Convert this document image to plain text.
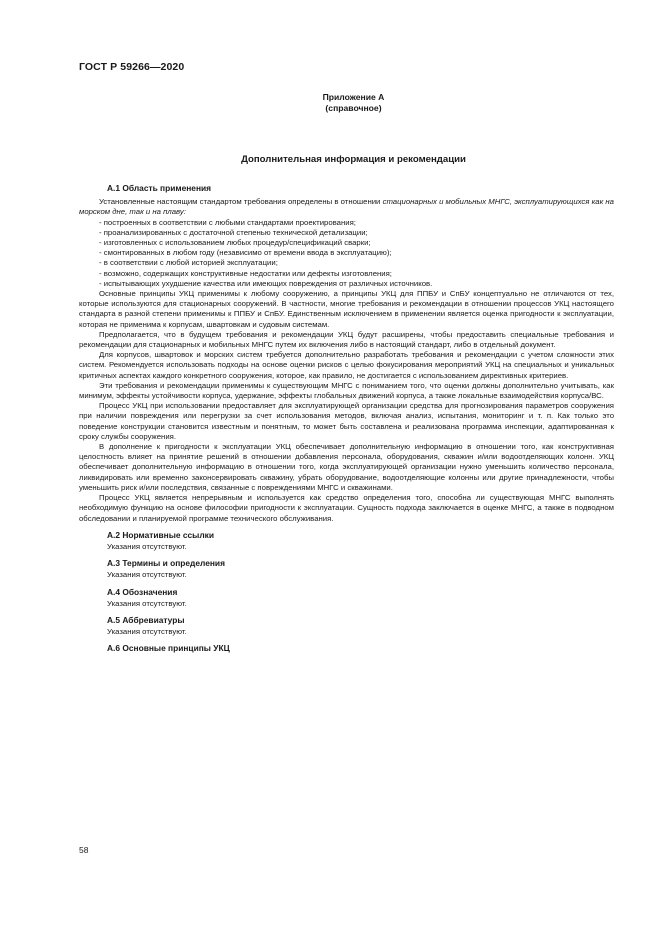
ГОСТ Р 59266—2020
Приложение А
(справочное)
Дополнительная информация и рекомендации
А.1 Область применения
Установленные настоящим стандартом требования определены в отношении стационарных и мобильных МНГС, эксплуатирующихся как на морском дне, так и на плаву:
- построенных в соответствии с любыми стандартами проектирования;
- проанализированных с достаточной степенью технической детализации;
- изготовленных с использованием любых процедур/спецификаций сварки;
- смонтированных в любом году (независимо от времени ввода в эксплуатацию);
- в соответствии с любой историей эксплуатации;
- возможно, содержащих конструктивные недостатки или дефекты изготовления;
- испытывающих ухудшение качества или имеющих повреждения от различных источников.
Основные принципы УКЦ применимы к любому сооружению, а принципы УКЦ для ППБУ и СпБУ концептуально не отличаются от тех, которые используются для стационарных сооружений. В частности, многие требования и рекомендации в отношении процессов УКЦ настоящего стандарта в разной степени применимы к ППБУ и СпБУ. Единственным исключением в применении является оценка пригодности к эксплуатации, которая не применима к корпусам, швартовкам и судовым системам.
Предполагается, что в будущем требования и рекомендации УКЦ будут расширены, чтобы предоставить специальные требования и рекомендации для стационарных и мобильных МНГС путем их включения либо в настоящий стандарт, либо в отдельный документ.
Для корпусов, швартовок и морских систем требуется дополнительно разработать требования и рекомендации с учетом сложности этих систем. Рекомендуется использовать подходы на основе оценки рисков с целью фокусирования мероприятий УКЦ на специальных и уникальных критичных аспектах каждого конкретного сооружения, которое, как правило, не достигается с использованием директивных критериев.
Эти требования и рекомендации применимы к существующим МНГС с пониманием того, что оценки должны дополнительно учитывать, как минимум, эффекты устойчивости корпуса, удержание, эффекты глобальных движений корпуса, а также локальные взаимодействия корпуса/ВС.
Процесс УКЦ при использовании предоставляет для эксплуатирующей организации средства для прогнозирования параметров сооружения при наличии повреждения или перегрузки за счет использования методов, включая анализ, испытания, мониторинг и т. п. Как только это поведение конструкции становится известным и понятным, то может быть составлена и реализована программа инспекции, адаптированная к сроку службы сооружения.
В дополнение к пригодности к эксплуатации УКЦ обеспечивает дополнительную информацию в отношении того, как конструктивная целостность влияет на принятие решений в отношении добавления персонала, оборудования, скважин и/или водоотделяющих колонн. УКЦ обеспечивает дополнительную информацию в отношении того, когда эксплуатирующей организации нужно уменьшить количество персонала, ликвидировать или временно законсервировать скважину, убрать оборудование, водоотделяющие колонны или другие принадлежности, чтобы уменьшить риск и/или последствия, связанные с повреждениями МНГС и скважинами.
Процесс УКЦ является непрерывным и используется как средство определения того, способна ли существующая МНГС выполнять необходимую функцию на основе философии пригодности к эксплуатации. Сущность подхода заключается в оценке МНГС, а также в подводном обследовании и планируемой программе технического обслуживания.
А.2 Нормативные ссылки
Указания отсутствуют.
А.3 Термины и определения
Указания отсутствуют.
А.4 Обозначения
Указания отсутствуют.
А.5 Аббревиатуры
Указания отсутствуют.
А.6 Основные принципы УКЦ
58
